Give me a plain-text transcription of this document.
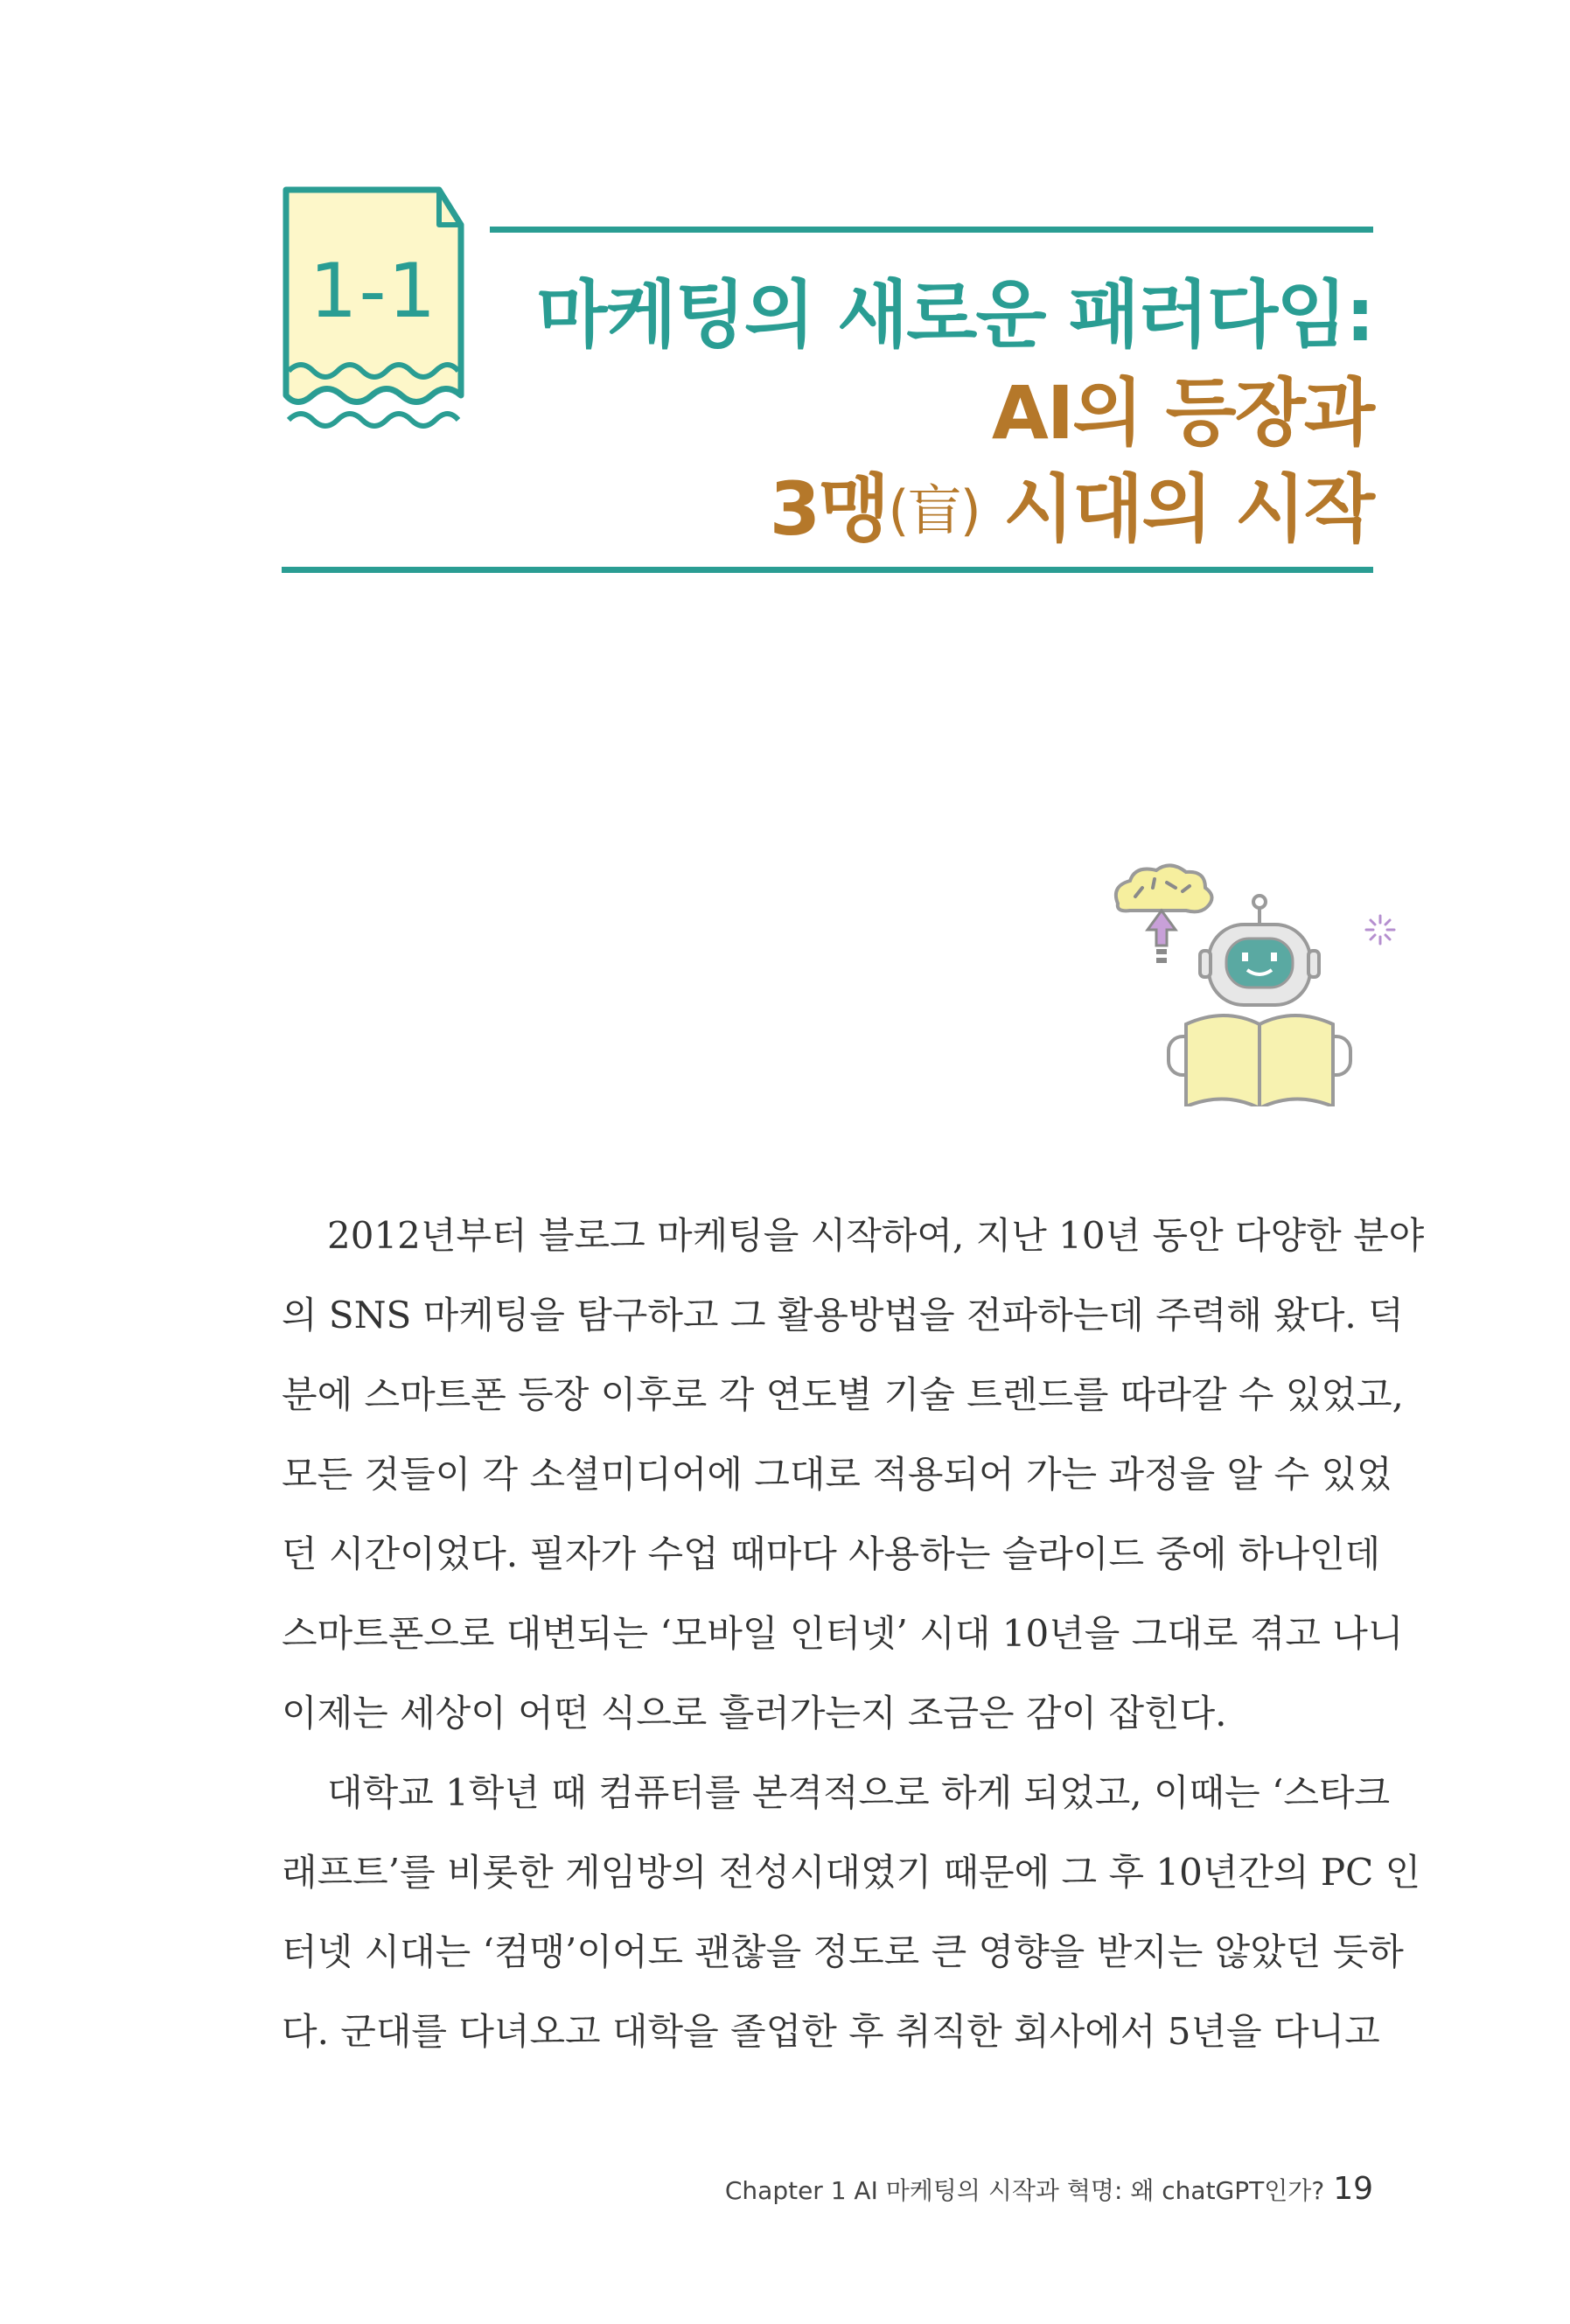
1-1	마케팅의 새로운 패러다임:
AI의 등장과
3맹(盲) 시대의 시작
2012년부터 블로그 마케팅을 시작하여, 지난 10년 동안 다양한 분야
의 SNS 마케팅을 탐구하고 그 활용방법을 전파하는데 주력해 왔다. 덕
분에 스마트폰 등장 이후로 각 연도별 기술 트렌드를 따라갈 수 있었고,
모든 것들이 각 소셜미디어에 그대로 적용되어 가는 과정을 알 수 있었
던 시간이었다. 필자가 수업 때마다 사용하는 슬라이드 중에 하나인데
스마트폰으로 대변되는 ‘모바일 인터넷’ 시대 10년을 그대로 겪고 나니
이제는 세상이 어떤 식으로 흘러가는지 조금은 감이 잡힌다.
대학교 1학년 때 컴퓨터를 본격적으로 하게 되었고, 이때는 ‘스타크
래프트’를 비롯한 게임방의 전성시대였기 때문에 그 후 10년간의 PC 인
터넷 시대는 ‘컴맹’이어도 괜찮을 정도로 큰 영향을 받지는 않았던 듯하
다. 군대를 다녀오고 대학을 졸업한 후 취직한 회사에서 5년을 다니고
Chapter 1 AI 마케팅의 시작과 혁명: 왜 chatGPT인가? 19
